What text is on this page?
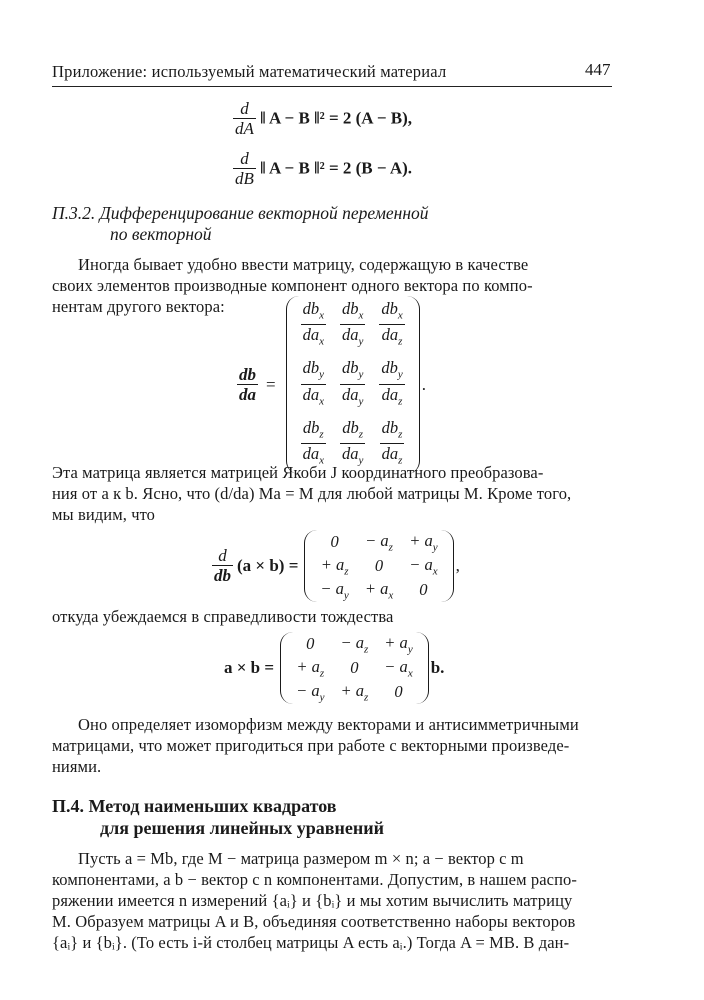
Приложение: используемый математический материал	447
$\frac{d}{dA}$ ‖ A − B ‖² = 2 (A − B),
$\frac{d}{dB}$ ‖ A − B ‖² = 2 (B − A).
П.3.2. Дифференцирование векторной переменной
по векторной
Иногда бывает удобно ввести матрицу, содержащую в качестве
своих элементов производные компонент одного вектора по компо-
нентам другого вектора:
$\frac{db}{da}$ =
$\frac{db_x}{da_x}$	$\frac{db_x}{da_y}$	$\frac{db_x}{da_z}$

$\frac{db_y}{da_x}$	$\frac{db_y}{da_y}$	$\frac{db_y}{da_z}$

$\frac{db_z}{da_x}$	$\frac{db_z}{da_y}$	$\frac{db_z}{da_z}$
.
Эта матрица является матрицей Якоби J координатного преобразова-
ния от a к b. Ясно, что (d/da) Ma = M для любой матрицы M. Кроме того,
мы видим, что
$\frac{d}{db} (a \times b)$ =
0	− $a_z$	+ $a_y$
+ $a_z$	0	− $a_x$
− $a_y$	+ $a_x$	0
,
откуда убеждаемся в справедливости тождества
a × b =
0	− $a_z$	+ $a_y$
+ $a_z$	0	− $a_x$
− $a_y$	+ $a_z$	0
b.
Оно определяет изоморфизм между векторами и антисимметричными
матрицами, что может пригодиться при работе с векторными произведе-
ниями.
П.4. Метод наименьших квадратов
для решения линейных уравнений
Пусть a = Mb, где M − матрица размером m × n; a − вектор с m
компонентами, а b − вектор с n компонентами. Допустим, в нашем распо-
ряжении имеется n измерений {aᵢ} и {bᵢ} и мы хотим вычислить матрицу
M. Образуем матрицы A и B, объединяя соответственно наборы векторов
{aᵢ} и {bᵢ}. (То есть i-й столбец матрицы A есть aᵢ.) Тогда A = MB. В дан-
